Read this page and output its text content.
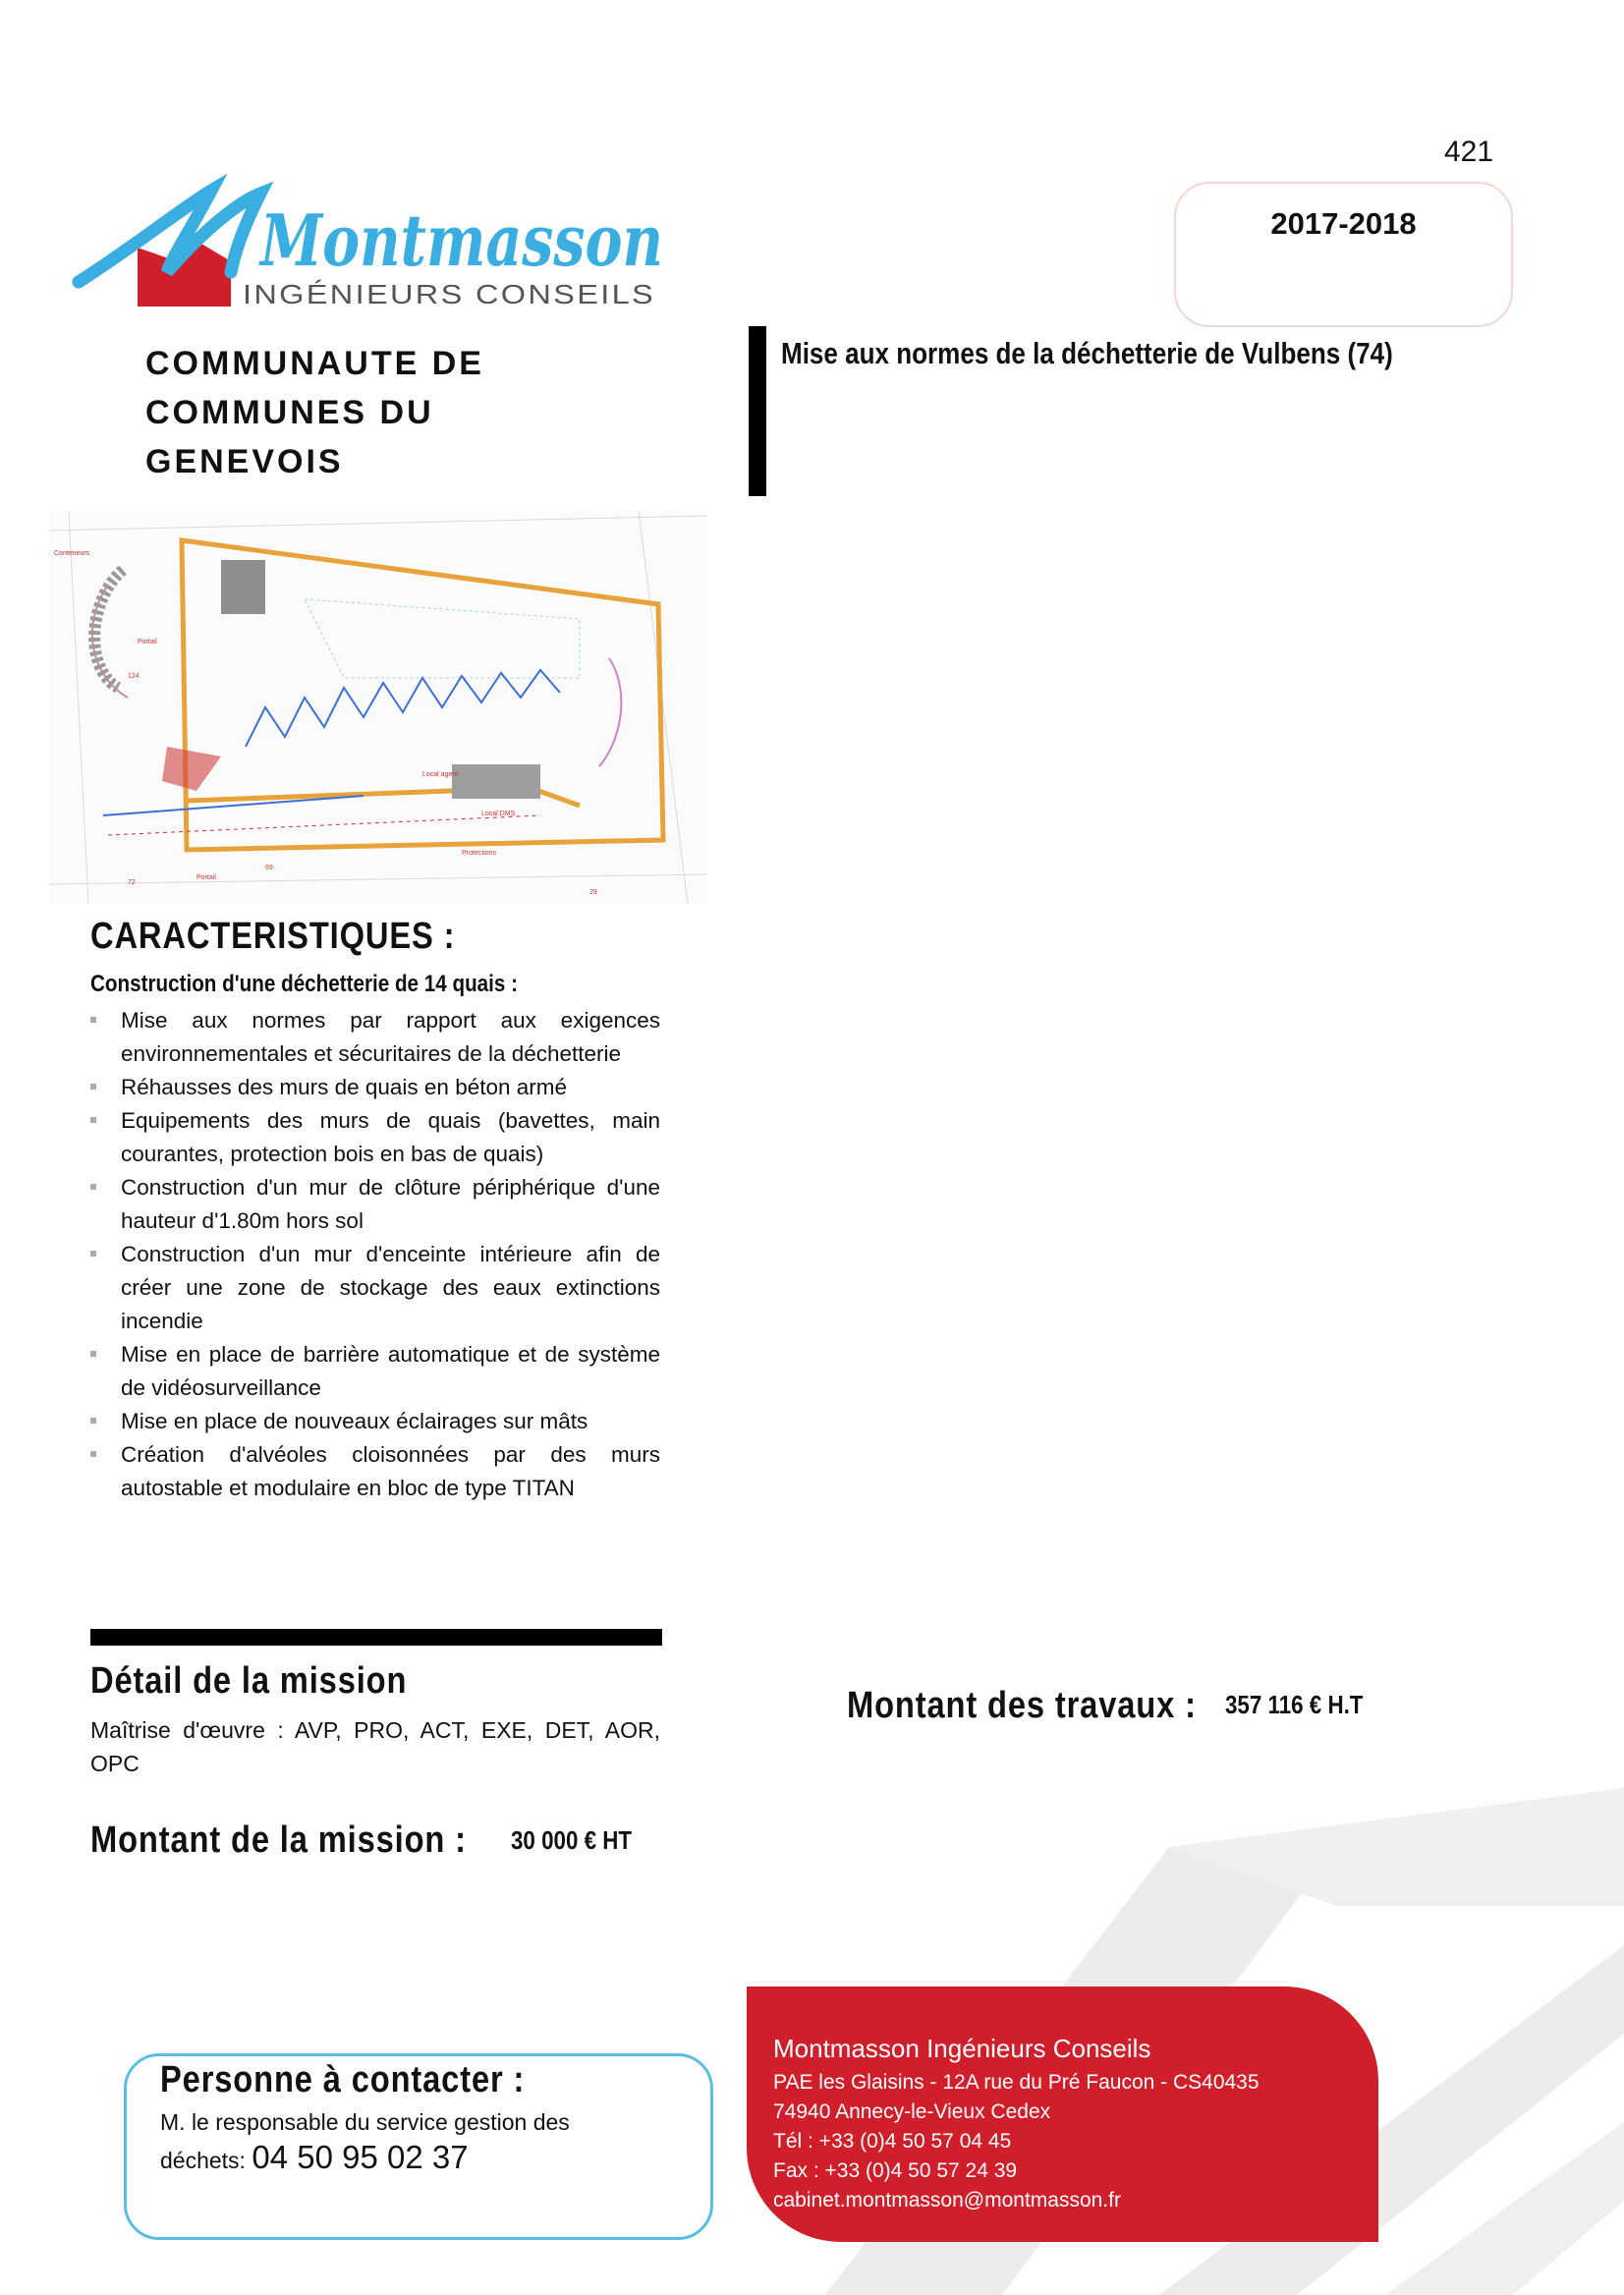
421
Montmasson
INGÉNIEURS CONSEILS
2017-2018
COMMUNAUTE DE
COMMUNES DU
GENEVOIS
Mise aux normes de la déchetterie de Vulbens (74)
Conteneurs
Portail
124
Local agent
Local DMS
Protections
Portail
69
72
29
CARACTERISTIQUES :
Construction d'une déchetterie de 14 quais :
Mise aux normes par rapport aux exigences environnementales et sécuritaires de la déchetterie
Réhausses des murs de quais en béton armé
Equipements des murs de quais (bavettes, main courantes, protection bois en bas de quais)
Construction d'un mur de clôture périphérique d'une hauteur d'1.80m hors sol
Construction d'un mur d'enceinte intérieure afin de créer une zone de stockage des eaux extinctions incendie
Mise en place de barrière automatique et de système de vidéosurveillance
Mise en place de nouveaux éclairages sur mâts
Création d'alvéoles cloisonnées par des murs autostable et modulaire en bloc de type TITAN
Détail de la mission
Maîtrise d'œuvre : AVP, PRO, ACT, EXE, DET, AOR, OPC
Montant de la mission : 30 000 € HT
Montant des travaux : 357 116 € H.T
Personne à contacter :
M. le responsable du service gestion des
déchets: 04 50 95 02 37
Montmasson Ingénieurs Conseils
PAE les Glaisins - 12A rue du Pré Faucon - CS40435
74940 Annecy-le-Vieux Cedex
Tél : +33 (0)4 50 57 04 45
Fax : +33 (0)4 50 57 24 39
cabinet.montmasson@montmasson.fr
